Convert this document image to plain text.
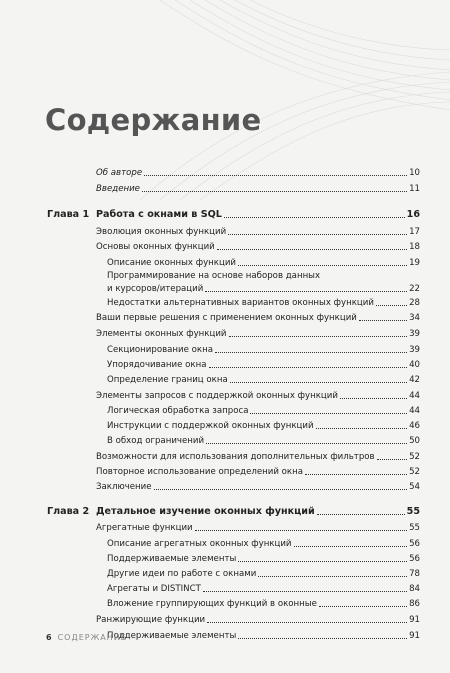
Содержание
Об авторе	10
Введение	11
Глава 1 Работа с окнами в SQL	16
Эволюция оконных функций	17
Основы оконных функций	18
Описание оконных функций	19
Программирование на основе наборов данных
и курсоров/итераций	22
Недостатки альтернативных вариантов оконных функций	28
Ваши первые решения с применением оконных функций	34
Элементы оконных функций	39
Секционирование окна	39
Упорядочивание окна	40
Определение границ окна	42
Элементы запросов с поддержкой оконных функций	44
Логическая обработка запроса	44
Инструкции с поддержкой оконных функций	46
В обход ограничений	50
Возможности для использования дополнительных фильтров	52
Повторное использование определений окна	52
Заключение	54
Глава 2 Детальное изучение оконных функций	55
Агрегатные функции	55
Описание агрегатных оконных функций	56
Поддерживаемые элементы	56
Другие идеи по работе с окнами	78
Агрегаты и DISTINCT	84
Вложение группирующих функций в оконные	86
Ранжирующие функции	91
Поддерживаемые элементы	91
6 СОДЕРЖАНИЕ
